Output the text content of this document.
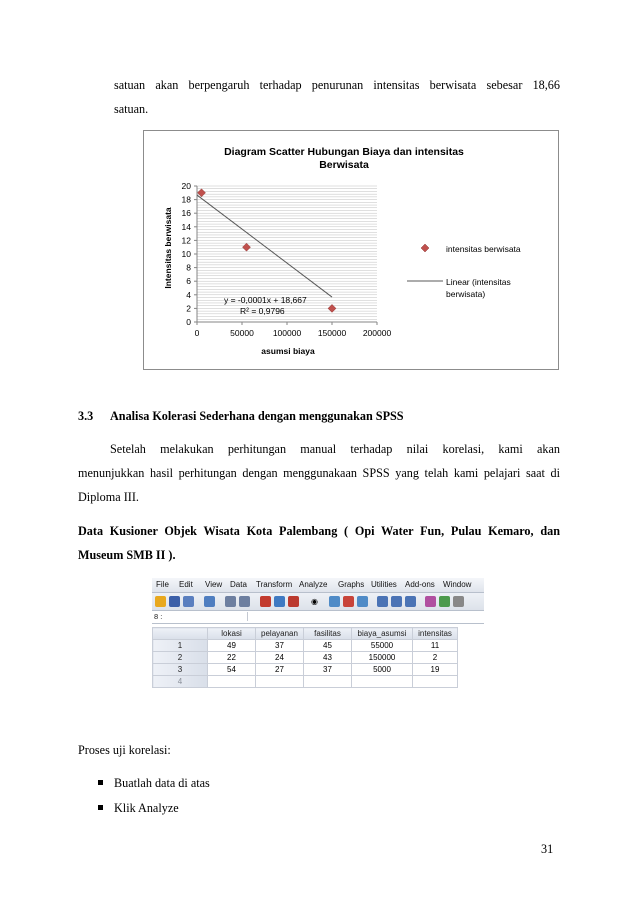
satuan akan berpengaruh terhadap penurunan intensitas berwisata sebesar 18,66
satuan.
Diagram Scatter Hubungan Biaya dan intensitas
Berwisata
0
2
4
6
8
10
12
14
16
18
20
0	50000 100000 150000 200000
Intensitas berwisata
asumsi biaya
y = -0,0001x + 18,667
R² = 0,9796
intensitas berwisata
Linear (intensitas
berwisata)
3.3 Analisa Kolerasi Sederhana dengan menggunakan SPSS
Setelah melakukan perhitungan manual terhadap nilai korelasi, kami akan
menunjukkan hasil perhitungan dengan menggunakaan SPSS yang telah kami pelajari saat di
Diploma III.
Data Kusioner Objek Wisata Kota Palembang ( Opi Water Fun, Pulau Kemaro, dan
Museum SMB II ).
File Edit View Data Transform Analyze Graphs Utilities Add-ons Window
◉
8 :
	lokasi	pelayanan	fasilitas	biaya_asumsi	intensitas
1	49	37	45	55000	11
2	22	24	43	150000	2
3	54	27	37	5000	19
4					
Proses uji korelasi:
Buatlah data di atas
Klik Analyze
31
